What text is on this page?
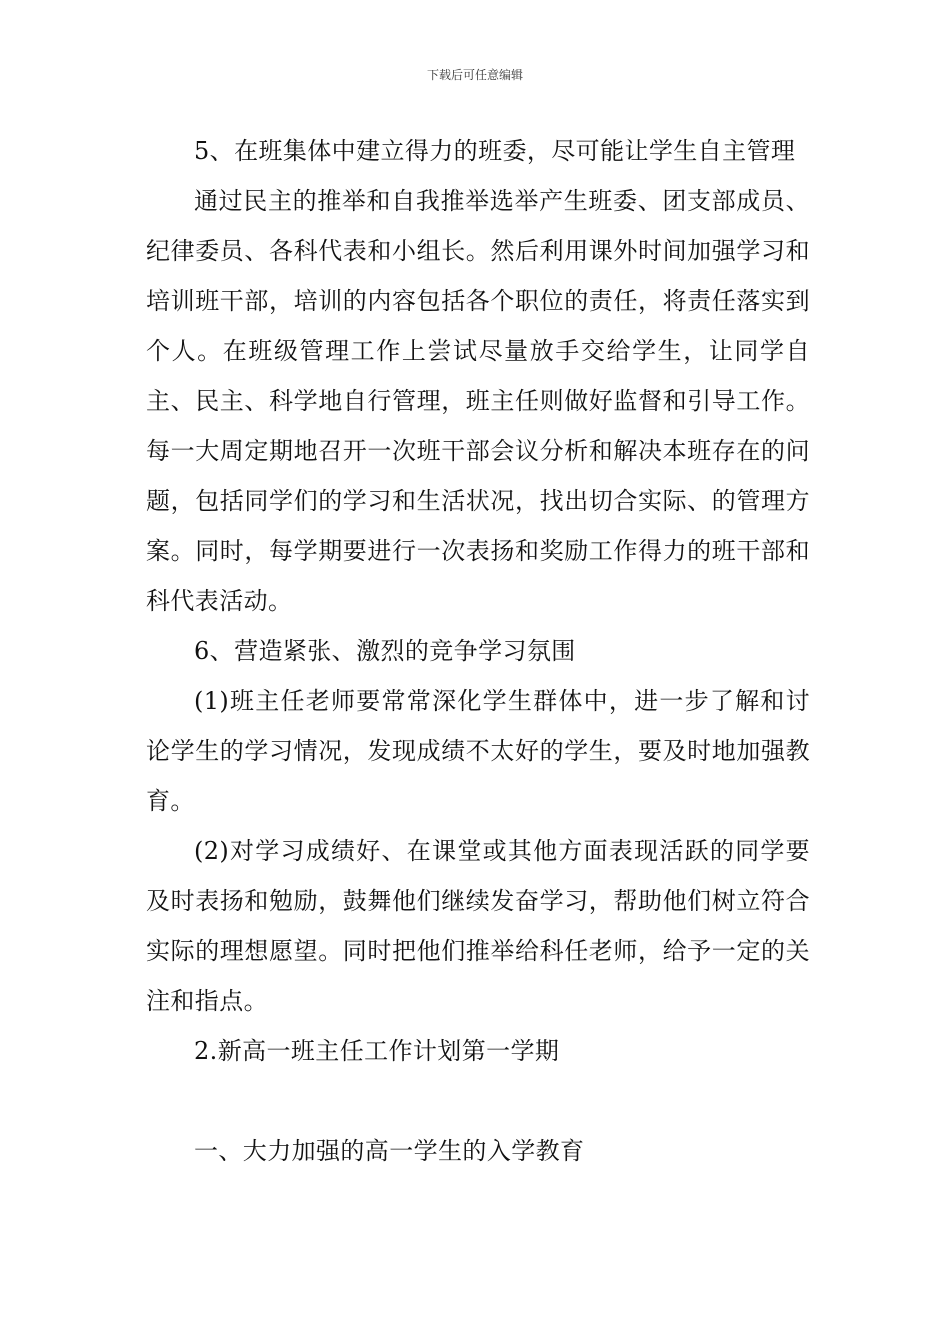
下载后可任意编辑

5、在班集体中建立得力的班委，尽可能让学生自主管理

通过民主的推举和自我推举选举产生班委、团支部成员、纪律委员、各科代表和小组长。然后利用课外时间加强学习和培训班干部，培训的内容包括各个职位的责任，将责任落实到个人。在班级管理工作上尝试尽量放手交给学生，让同学自主、民主、科学地自行管理，班主任则做好监督和引导工作。每一大周定期地召开一次班干部会议分析和解决本班存在的问题，包括同学们的学习和生活状况，找出切合实际、的管理方案。同时，每学期要进行一次表扬和奖励工作得力的班干部和科代表活动。

6、营造紧张、激烈的竞争学习氛围

(1)班主任老师要常常深化学生群体中，进一步了解和讨论学生的学习情况，发现成绩不太好的学生，要及时地加强教育。

(2)对学习成绩好、在课堂或其他方面表现活跃的同学要及时表扬和勉励，鼓舞他们继续发奋学习，帮助他们树立符合实际的理想愿望。同时把他们推举给科任老师，给予一定的关注和指点。

2.新高一班主任工作计划第一学期

一、大力加强的高一学生的入学教育
